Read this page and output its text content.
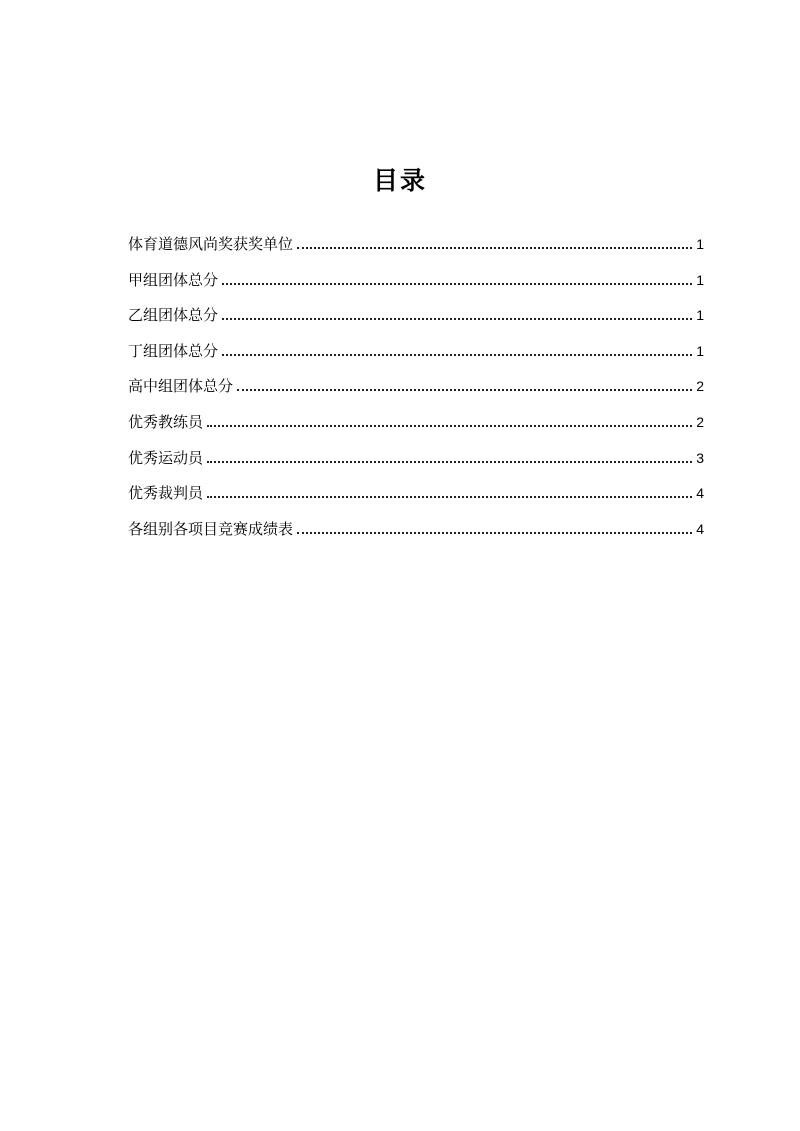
目录
体育道德风尚奖获奖单位	1
甲组团体总分	1
乙组团体总分	1
丁组团体总分	1
高中组团体总分	2
优秀教练员	2
优秀运动员	3
优秀裁判员	4
各组别各项目竞赛成绩表	4
